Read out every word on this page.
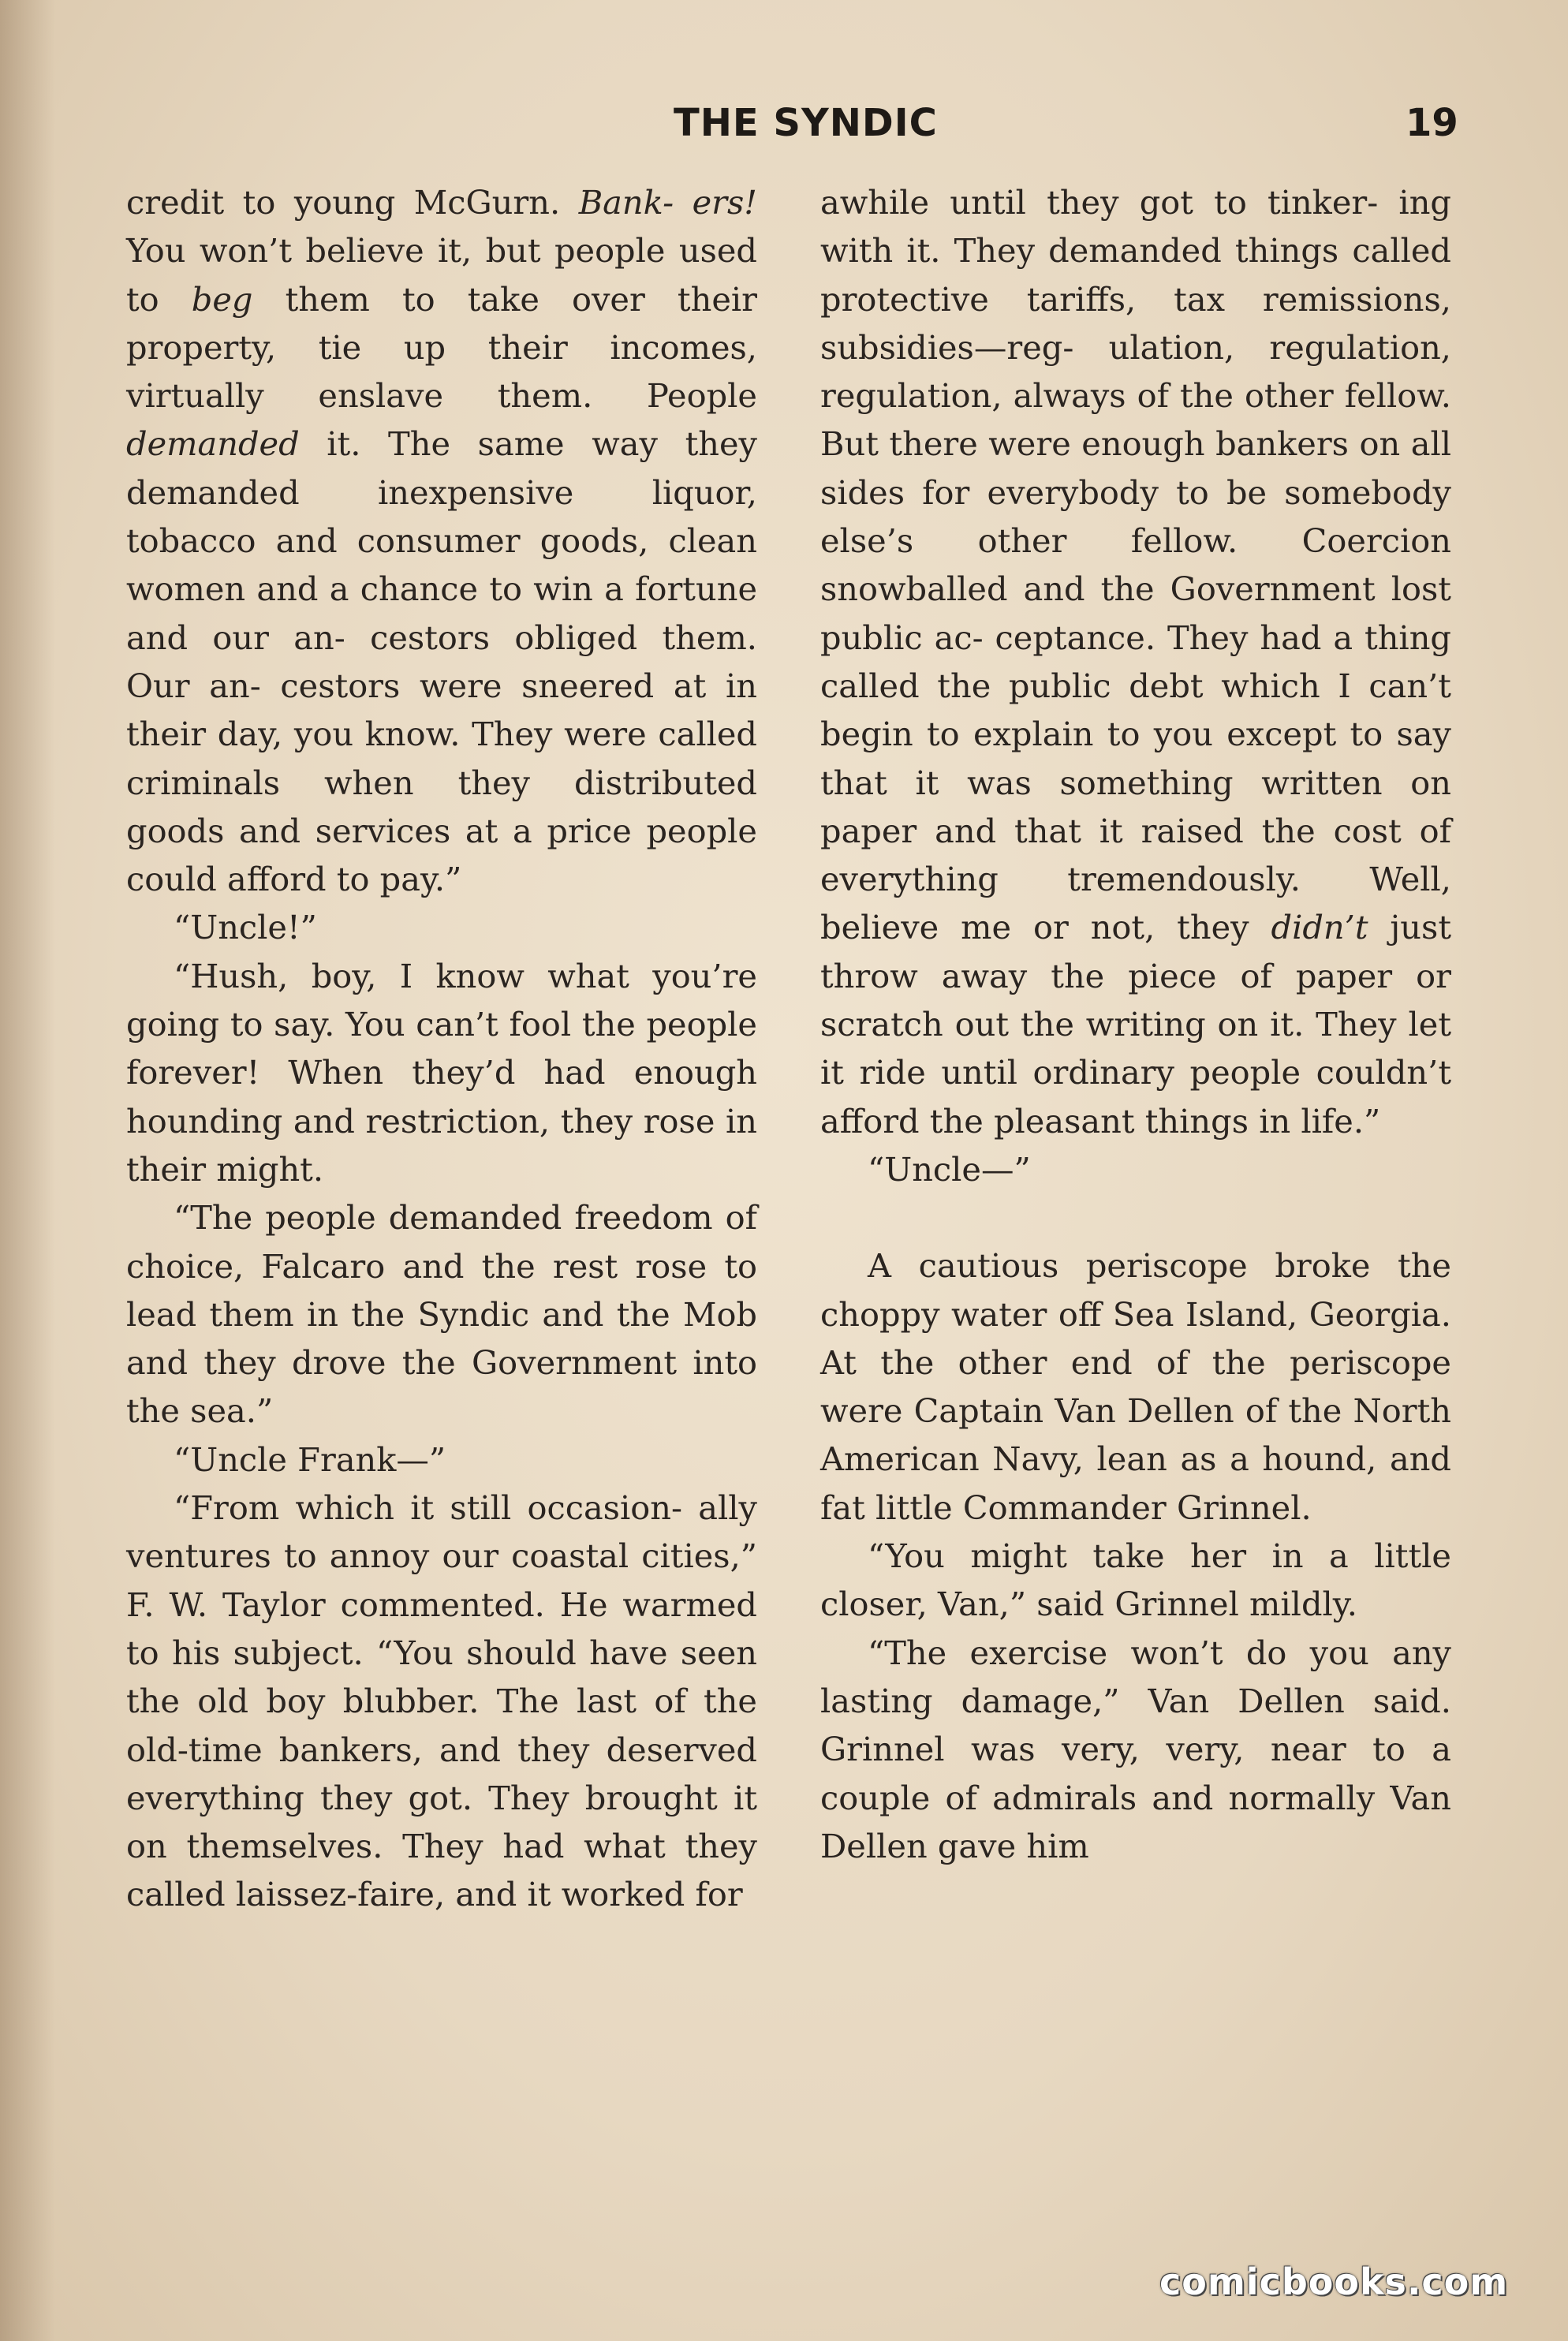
THE SYNDIC	19

credit to young McGurn. Bank- ers! You won’t believe it, but people used to beg them to take over their property, tie up their incomes, virtually enslave them. People demanded it. The same way they demanded inexpensive liquor, tobacco and consumer goods, clean women and a chance to win a fortune and our an- cestors obliged them. Our an- cestors were sneered at in their day, you know. They were called criminals when they distributed goods and services at a price people could afford to pay.”

“Uncle!”

“Hush, boy, I know what you’re going to say. You can’t fool the people forever! When they’d had enough hounding and restriction, they rose in their might.

“The people demanded freedom of choice, Falcaro and the rest rose to lead them in the Syndic and the Mob and they drove the Government into the sea.”

“Uncle Frank—”

“From which it still occasion- ally ventures to annoy our coastal cities,” F. W. Taylor commented. He warmed to his subject. “You should have seen the old boy blubber. The last of the old-time bankers, and they deserved everything they got. They brought it on themselves. They had what they called laissez-faire, and it worked for

awhile until they got to tinker- ing with it. They demanded things called protective tariffs, tax remissions, subsidies—reg- ulation, regulation, regulation, always of the other fellow. But there were enough bankers on all sides for everybody to be somebody else’s other fellow. Coercion snowballed and the Government lost public ac- ceptance. They had a thing called the public debt which I can’t begin to explain to you except to say that it was something written on paper and that it raised the cost of everything tremendously. Well, believe me or not, they didn’t just throw away the piece of paper or scratch out the writing on it. They let it ride until ordinary people couldn’t afford the pleasant things in life.”

“Uncle—”

A cautious periscope broke the choppy water off Sea Island, Georgia. At the other end of the periscope were Captain Van Dellen of the North American Navy, lean as a hound, and fat little Commander Grinnel.

“You might take her in a little closer, Van,” said Grinnel mildly.

“The exercise won’t do you any lasting damage,” Van Dellen said. Grinnel was very, very, near to a couple of admirals and normally Van Dellen gave him

comicbooks.com
